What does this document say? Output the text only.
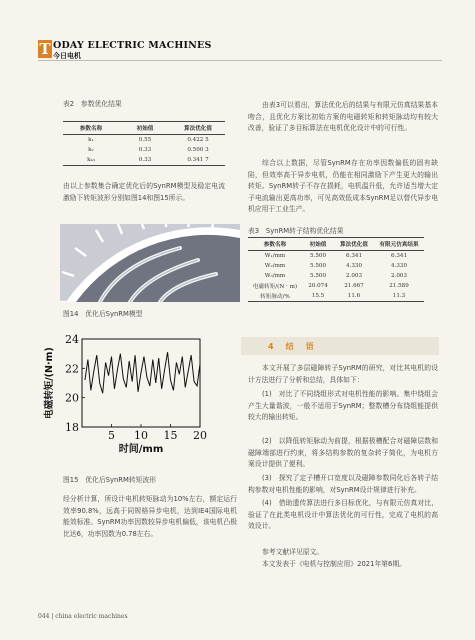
T ODAY ELECTRIC MACHINES
今日电机
表2　参数优化结果
参数名称	初始值	算法优化值
k₁	0.55	0.422 5
k₂	0.33	0.500 3
k₄₃	0.33	0.341 7
由以上参数集合确定优化后的SynRM模型及稳定电流激励下转矩波形分别如图14和图15所示。
图14　优化后SynRM模型
5 10 15 20
18
20
22
24
时间/mm
电磁转矩/(N·m)
图15　优化后SynRM转矩波形
经分析计算，所设计电机转矩脉动为10%左右，额定运行效率90.8%，远高于同规格异步电机，达到IE4国际电机能效标准。SynRM功率因数较异步电机偏低，该电机凸极比达6，功率因数为0.78左右。
由表3可以看出，算法优化后的结果与有限元仿真结果基本吻合，且优化方案比初始方案的电磁转矩和转矩脉动均有较大改善，验证了多目标算法在电机优化设计中的可行性。
综合以上数据，尽管SynRM存在功率因数偏低的固有缺陷，但效率高于异步电机，仍能在相同激励下产生更大的输出转矩。SynRM转子不存在损耗，电机温升低，允许适当增大定子电流输出更高功率，可见高效低成本SynRM足以替代异步电机应用于工业生产。
表3　SynRM转子结构优化结果
参数名称	初始值	算法优化值	有限元仿真结果
W₁/mm	5.500	6.341	6.341
W₂/mm	5.500	4.330	4.330
W₃/mm	5.500	2.003	2.003
电磁转矩/(N · m)	20.074	21.667	21.589
转矩脉动/%	15.5	11.6	11.3
4　结　语
本文开展了多层磁障转子SynRM的研究，对比其电机的设计方法进行了分析和总结，具体如下：
(1)　对比了不同绕组形式对电机性能的影响。集中绕组会产生大量谐波，一般不适用于SynRM；整数槽分布绕组能提供较大的输出转矩。
(2)　以降低转矩脉动为前提，根据极槽配合对磁障层数和磁障端部进行约束，将多结构参数的复杂转子简化，为电机方案设计提供了便利。
(3)　探究了定子槽开口宽度以及磁障参数同化后各转子结构参数对电机性能的影响，对SynRM设计规律进行补充。
(4)　借助遗传算法进行多目标优化，与有限元仿真对比，验证了在此类电机设计中算法优化的可行性，完成了电机的高效设计。
参考文献详见原文。
本文发表于《电机与控制应用》2021年第6期。
044 | china electric machines
